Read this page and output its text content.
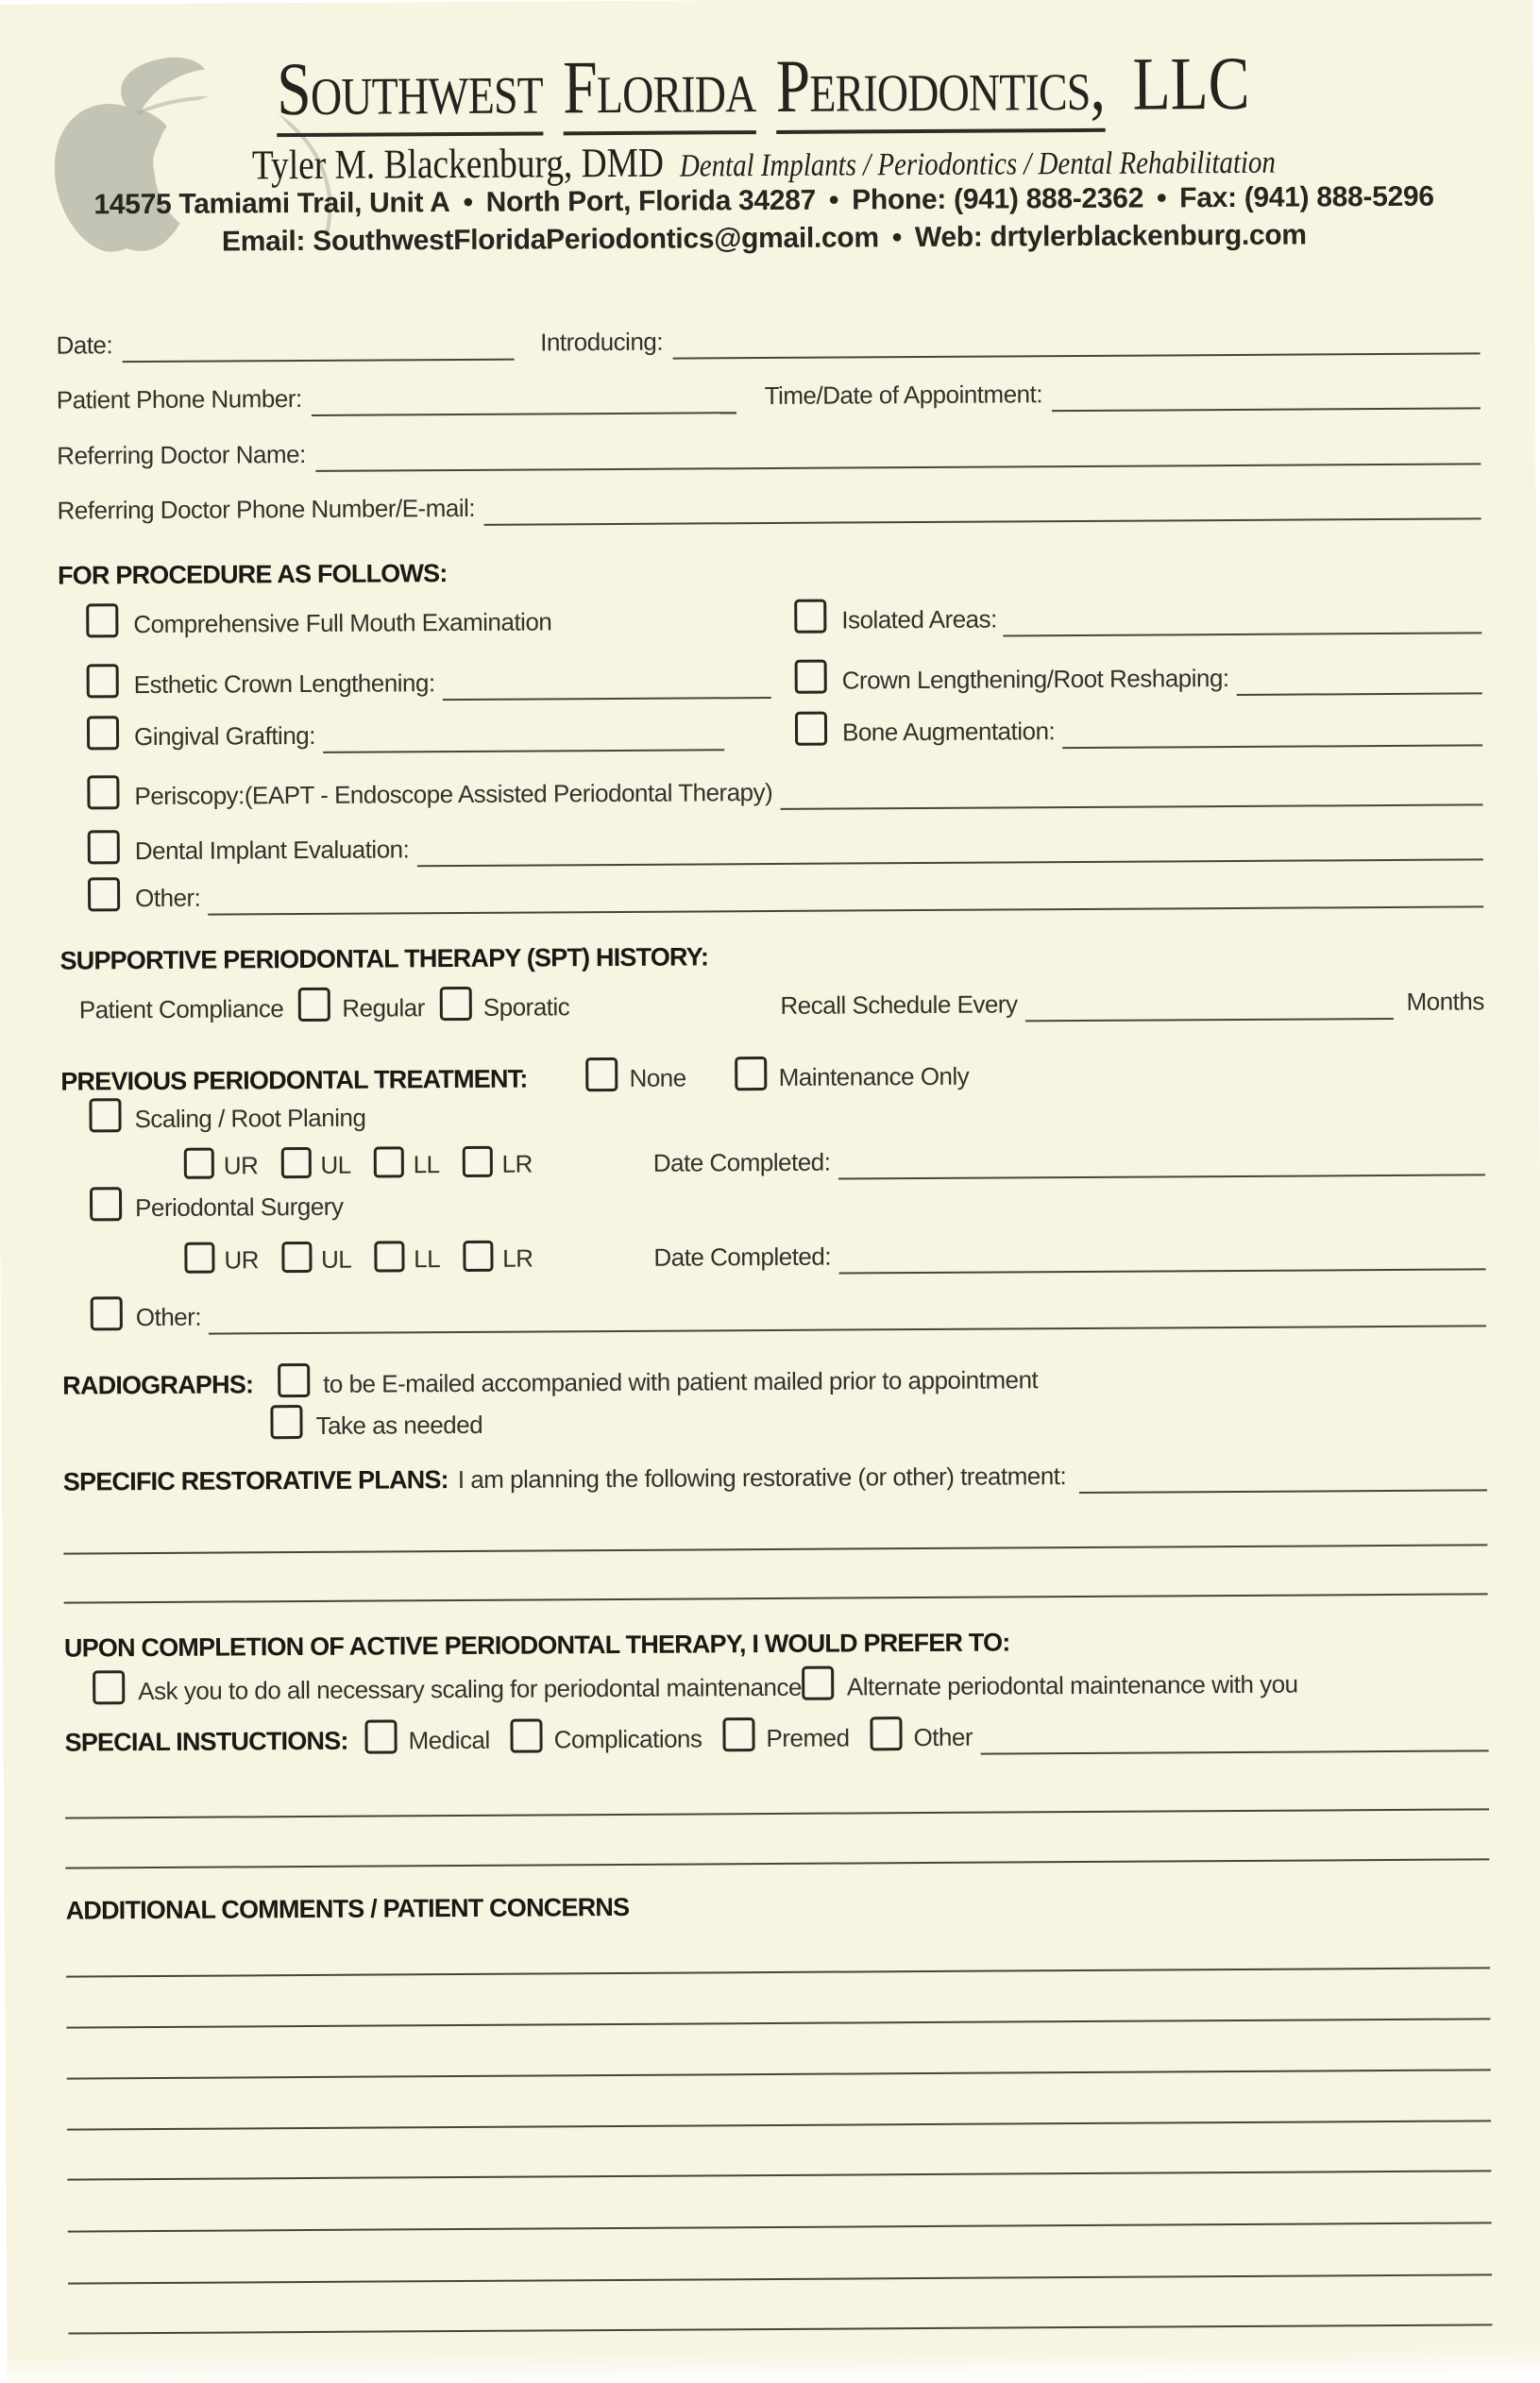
Southwest Florida Periodontics, LLC
Tyler M. Blackenburg, DMD Dental Implants / Periodontics / Dental Rehabilitation
14575 Tamiami Trail, Unit A • North Port, Florida 34287 • Phone: (941) 888-2362 • Fax: (941) 888-5296
Email: SouthwestFloridaPeriodontics@gmail.com • Web: drtylerblackenburg.com
Date:	Introducing:
Patient Phone Number:	Time/Date of Appointment:
Referring Doctor Name:
Referring Doctor Phone Number/E-mail:
FOR PROCEDURE AS FOLLOWS:
Comprehensive Full Mouth Examination	Isolated Areas:
Esthetic Crown Lengthening:	Crown Lengthening/Root Reshaping:
Gingival Grafting:	Bone Augmentation:
Periscopy:(EAPT - Endoscope Assisted Periodontal Therapy)
Dental Implant Evaluation:
Other:
SUPPORTIVE PERIODONTAL THERAPY (SPT) HISTORY:
Patient Compliance Regular Sporatic	Recall Schedule Every	Months
PREVIOUS PERIODONTAL TREATMENT:	None	Maintenance Only
Scaling / Root Planing
UR	UL	LL	LR	Date Completed:
Periodontal Surgery
UR	UL	LL	LR	Date Completed:
Other:
RADIOGRAPHS:	to be E-mailed accompanied with patient mailed prior to appointment
Take as needed
SPECIFIC RESTORATIVE PLANS: I am planning the following restorative (or other) treatment:
UPON COMPLETION OF ACTIVE PERIODONTAL THERAPY, I WOULD PREFER TO:
Ask you to do all necessary scaling for periodontal maintenance Alternate periodontal maintenance with you
SPECIAL INSTUCTIONS: Medical	Complications	Premed	Other
ADDITIONAL COMMENTS / PATIENT CONCERNS
